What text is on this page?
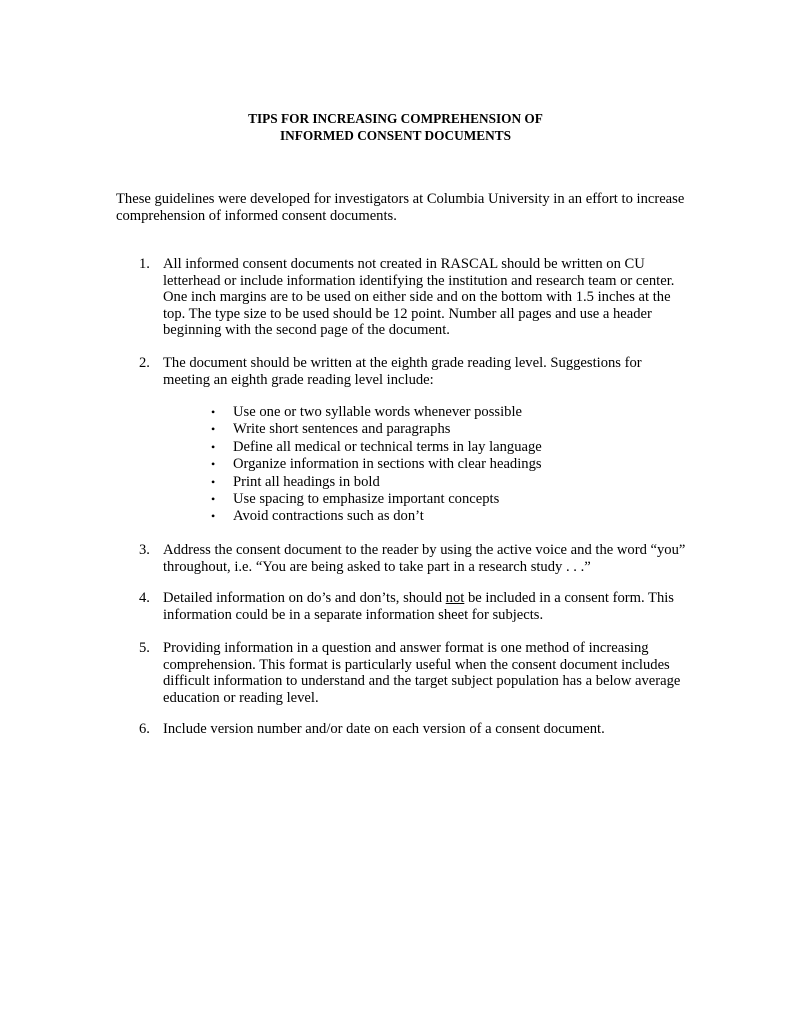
TIPS FOR INCREASING COMPREHENSION OF
INFORMED CONSENT DOCUMENTS
These guidelines were developed for investigators at Columbia University in an effort to increase
comprehension of informed consent documents.
1. All informed consent documents not created in RASCAL should be written on CU
letterhead or include information identifying the institution and research team or center.
One inch margins are to be used on either side and on the bottom with 1.5 inches at the
top. The type size to be used should be 12 point. Number all pages and use a header
beginning with the second page of the document.
2. The document should be written at the eighth grade reading level. Suggestions for
meeting an eighth grade reading level include:
• Use one or two syllable words whenever possible
• Write short sentences and paragraphs
• Define all medical or technical terms in lay language
• Organize information in sections with clear headings
• Print all headings in bold
• Use spacing to emphasize important concepts
• Avoid contractions such as don’t
3. Address the consent document to the reader by using the active voice and the word “you”
throughout, i.e. “You are being asked to take part in a research study . . .”
4. Detailed information on do’s and don’ts, should not be included in a consent form. This
information could be in a separate information sheet for subjects.
5. Providing information in a question and answer format is one method of increasing
comprehension. This format is particularly useful when the consent document includes
difficult information to understand and the target subject population has a below average
education or reading level.
6. Include version number and/or date on each version of a consent document.
